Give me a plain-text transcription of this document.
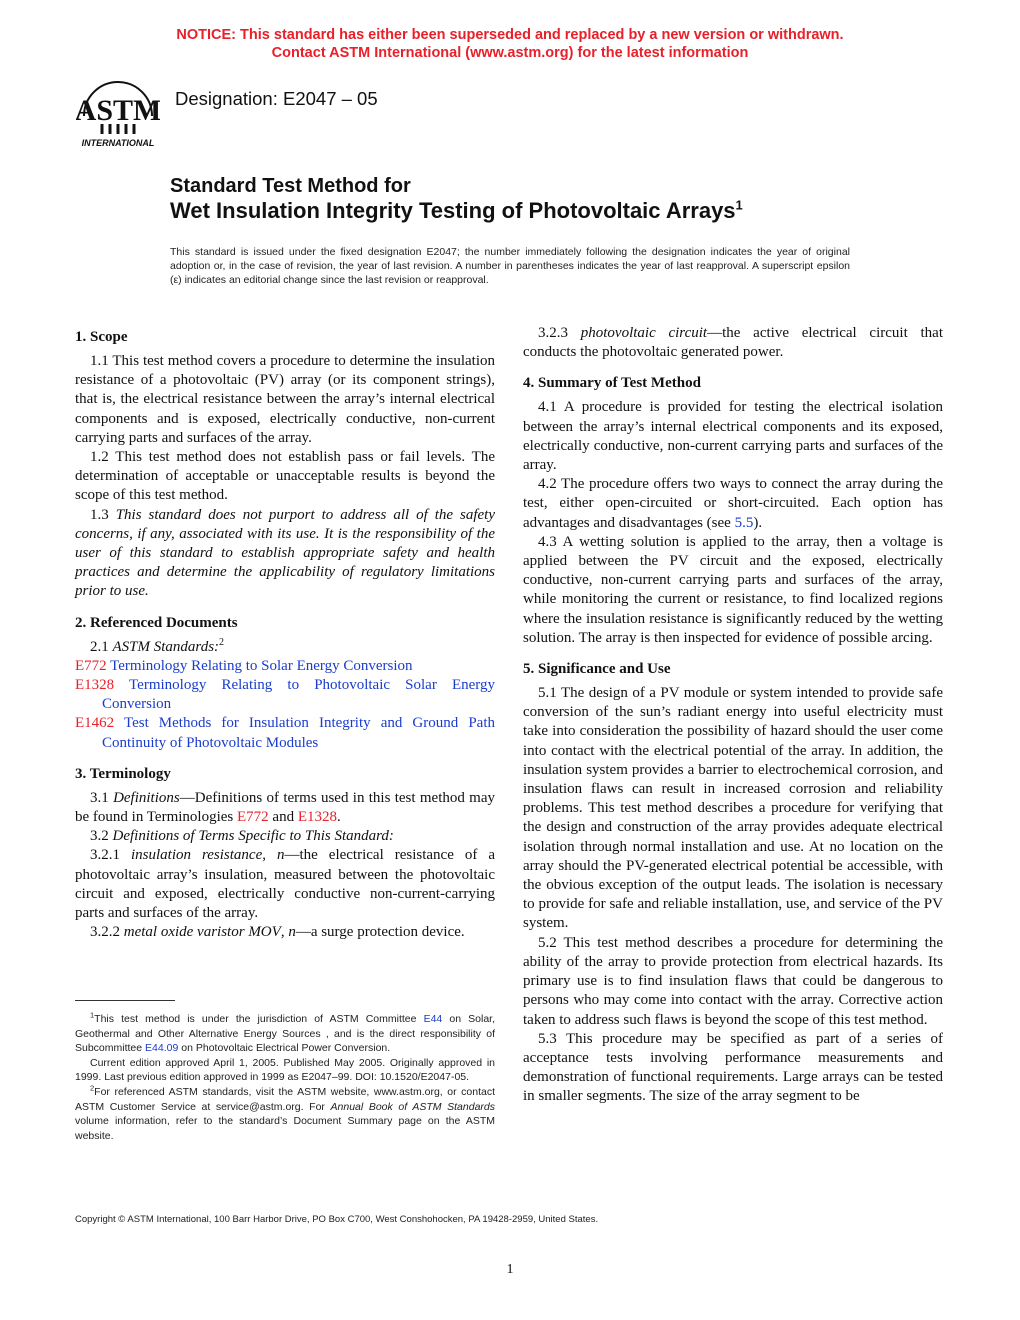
NOTICE: This standard has either been superseded and replaced by a new version or withdrawn.
Contact ASTM International (www.astm.org) for the latest information
ASTM
INTERNATIONAL
Designation: E2047 – 05
Standard Test Method for
Wet Insulation Integrity Testing of Photovoltaic Arrays$^1$
This standard is issued under the fixed designation E2047; the number immediately following the designation indicates the year of original adoption or, in the case of revision, the year of last revision. A number in parentheses indicates the year of last reapproval. A superscript epsilon (ε) indicates an editorial change since the last revision or reapproval.
1. Scope

1.1 This test method covers a procedure to determine the insulation resistance of a photovoltaic (PV) array (or its component strings), that is, the electrical resistance between the array’s internal electrical components and is exposed, electrically conductive, non-current carrying parts and surfaces of the array.

1.2 This test method does not establish pass or fail levels. The determination of acceptable or unacceptable results is beyond the scope of this test method.

1.3 This standard does not purport to address all of the safety concerns, if any, associated with its use. It is the responsibility of the user of this standard to establish appropriate safety and health practices and determine the applicability of regulatory limitations prior to use.

2. Referenced Documents

2.1 ASTM Standards:$^2$

E772 Terminology Relating to Solar Energy Conversion

E1328 Terminology Relating to Photovoltaic Solar Energy Conversion

E1462 Test Methods for Insulation Integrity and Ground Path Continuity of Photovoltaic Modules

3. Terminology

3.1 Definitions—Definitions of terms used in this test method may be found in Terminologies E772 and E1328.

3.2 Definitions of Terms Specific to This Standard:

3.2.1 insulation resistance, n—the electrical resistance of a photovoltaic array’s insulation, measured between the photovoltaic circuit and exposed, electrically conductive non-current-carrying parts and surfaces of the array.

3.2.2 metal oxide varistor MOV, n—a surge protection device.

$^1$This test method is under the jurisdiction of ASTM Committee E44 on Solar, Geothermal and Other Alternative Energy Sources , and is the direct responsibility of Subcommittee E44.09 on Photovoltaic Electrical Power Conversion.

Current edition approved April 1, 2005. Published May 2005. Originally approved in 1999. Last previous edition approved in 1999 as E2047–99. DOI: 10.1520/E2047-05.

$^2$For referenced ASTM standards, visit the ASTM website, www.astm.org, or contact ASTM Customer Service at service@astm.org. For Annual Book of ASTM Standards volume information, refer to the standard’s Document Summary page on the ASTM website.

3.2.3 photovoltaic circuit—the active electrical circuit that conducts the photovoltaic generated power.

4. Summary of Test Method

4.1 A procedure is provided for testing the electrical isolation between the array’s internal electrical components and its exposed, electrically conductive, non-current carrying parts and surfaces of the array.

4.2 The procedure offers two ways to connect the array during the test, either open-circuited or short-circuited. Each option has advantages and disadvantages (see 5.5).

4.3 A wetting solution is applied to the array, then a voltage is applied between the PV circuit and the exposed, electrically conductive, non-current carrying parts and surfaces of the array, while monitoring the current or resistance, to find localized regions where the insulation resistance is significantly reduced by the wetting solution. The array is then inspected for evidence of possible arcing.

5. Significance and Use

5.1 The design of a PV module or system intended to provide safe conversion of the sun’s radiant energy into useful electricity must take into consideration the possibility of hazard should the user come into contact with the electrical potential of the array. In addition, the insulation system provides a barrier to electrochemical corrosion, and insulation flaws can result in increased corrosion and reliability problems. This test method describes a procedure for verifying that the design and construction of the array provides adequate electrical isolation through normal installation and use. At no location on the array should the PV-generated electrical potential be accessible, with the obvious exception of the output leads. The isolation is necessary to provide for safe and reliable installation, use, and service of the PV system.

5.2 This test method describes a procedure for determining the ability of the array to provide protection from electrical hazards. Its primary use is to find insulation flaws that could be dangerous to persons who may come into contact with the array. Corrective action taken to address such flaws is beyond the scope of this test method.

5.3 This procedure may be specified as part of a series of acceptance tests involving performance measurements and demonstration of functional requirements. Large arrays can be tested in smaller segments. The size of the array segment to be

Copyright © ASTM International, 100 Barr Harbor Drive, PO Box C700, West Conshohocken, PA 19428-2959, United States.
1
